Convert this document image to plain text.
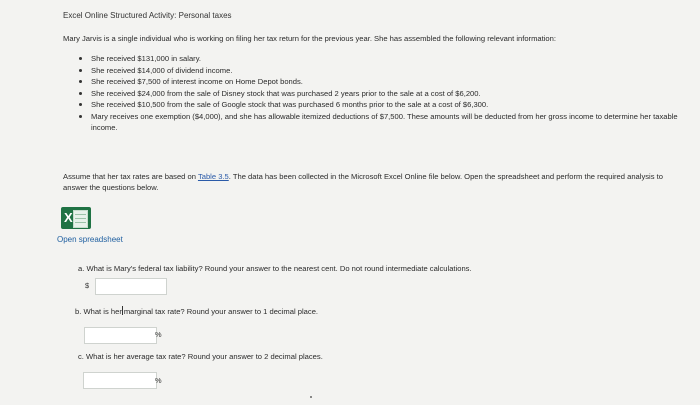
Excel Online Structured Activity: Personal taxes
Mary Jarvis is a single individual who is working on filing her tax return for the previous year. She has assembled the following relevant information:
She received $131,000 in salary.
She received $14,000 of dividend income.
She received $7,500 of interest income on Home Depot bonds.
She received $24,000 from the sale of Disney stock that was purchased 2 years prior to the sale at a cost of $6,200.
She received $10,500 from the sale of Google stock that was purchased 6 months prior to the sale at a cost of $6,300.
Mary receives one exemption ($4,000), and she has allowable itemized deductions of $7,500. These amounts will be deducted from her gross income to determine her taxable income.
Assume that her tax rates are based on Table 3.5. The data has been collected in the Microsoft Excel Online file below. Open the spreadsheet and perform the required analysis to answer the questions below.
X
Open spreadsheet
a. What is Mary's federal tax liability? Round your answer to the nearest cent. Do not round intermediate calculations.
$
b. What is her marginal tax rate? Round your answer to 1 decimal place.
%
c. What is her average tax rate? Round your answer to 2 decimal places.
%
